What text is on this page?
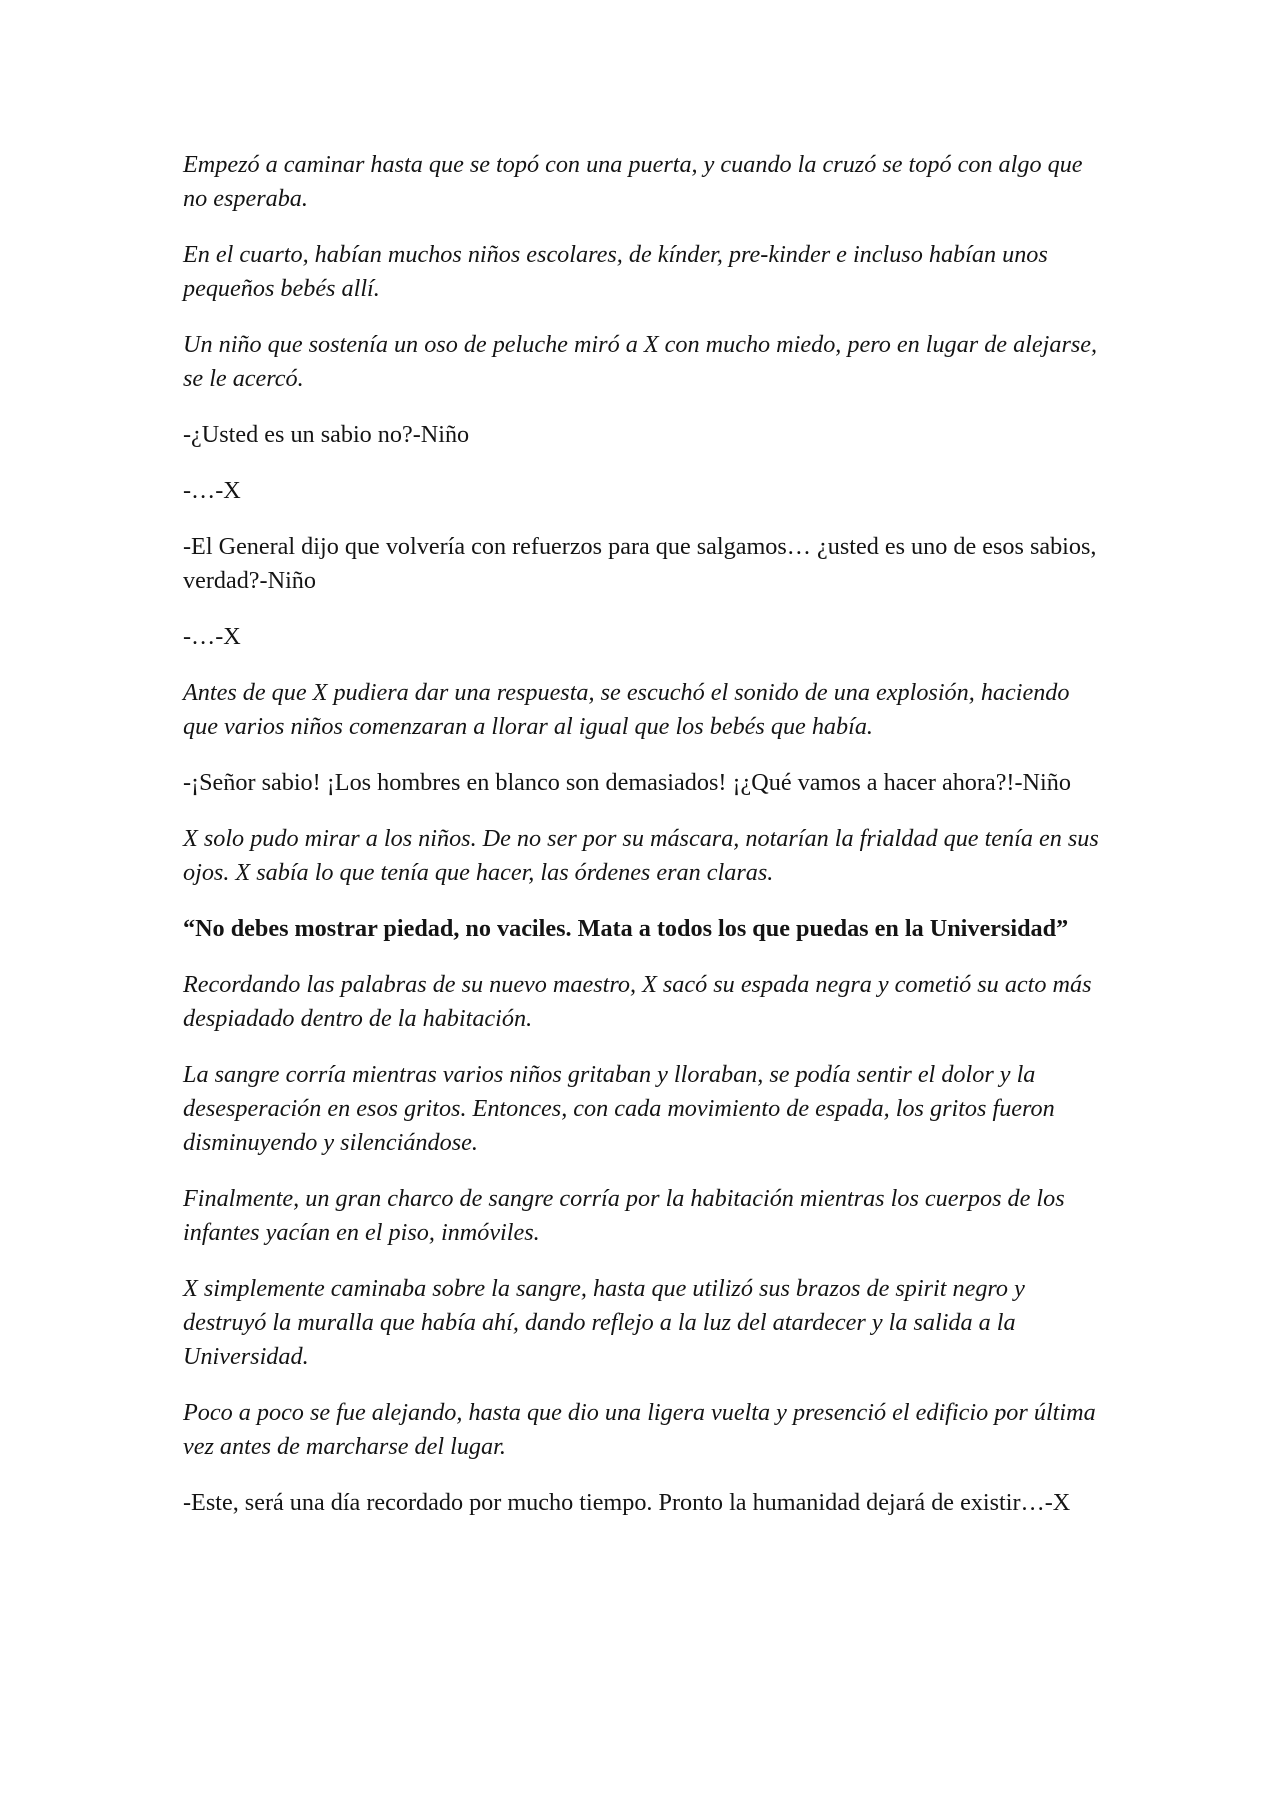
Empezó a caminar hasta que se topó con una puerta, y cuando la cruzó se topó con algo que no esperaba.

En el cuarto, habían muchos niños escolares, de kínder, pre-kinder e incluso habían unos pequeños bebés allí.

Un niño que sostenía un oso de peluche miró a X con mucho miedo, pero en lugar de alejarse, se le acercó.

-¿Usted es un sabio no?-Niño

-…-X

-El General dijo que volvería con refuerzos para que salgamos… ¿usted es uno de esos sabios, verdad?-Niño

-…-X

Antes de que X pudiera dar una respuesta, se escuchó el sonido de una explosión, haciendo que varios niños comenzaran a llorar al igual que los bebés que había.

-¡Señor sabio! ¡Los hombres en blanco son demasiados! ¡¿Qué vamos a hacer ahora?!-Niño

X solo pudo mirar a los niños. De no ser por su máscara, notarían la frialdad que tenía en sus ojos. X sabía lo que tenía que hacer, las órdenes eran claras.

“No debes mostrar piedad, no vaciles. Mata a todos los que puedas en la Universidad”

Recordando las palabras de su nuevo maestro, X sacó su espada negra y cometió su acto más despiadado dentro de la habitación.

La sangre corría mientras varios niños gritaban y lloraban, se podía sentir el dolor y la desesperación en esos gritos. Entonces, con cada movimiento de espada, los gritos fueron disminuyendo y silenciándose.

Finalmente, un gran charco de sangre corría por la habitación mientras los cuerpos de los infantes yacían en el piso, inmóviles.

X simplemente caminaba sobre la sangre, hasta que utilizó sus brazos de spirit negro y destruyó la muralla que había ahí, dando reflejo a la luz del atardecer y la salida a la Universidad.

Poco a poco se fue alejando, hasta que dio una ligera vuelta y presenció el edificio por última vez antes de marcharse del lugar.

-Este, será una día recordado por mucho tiempo. Pronto la humanidad dejará de existir…-X
